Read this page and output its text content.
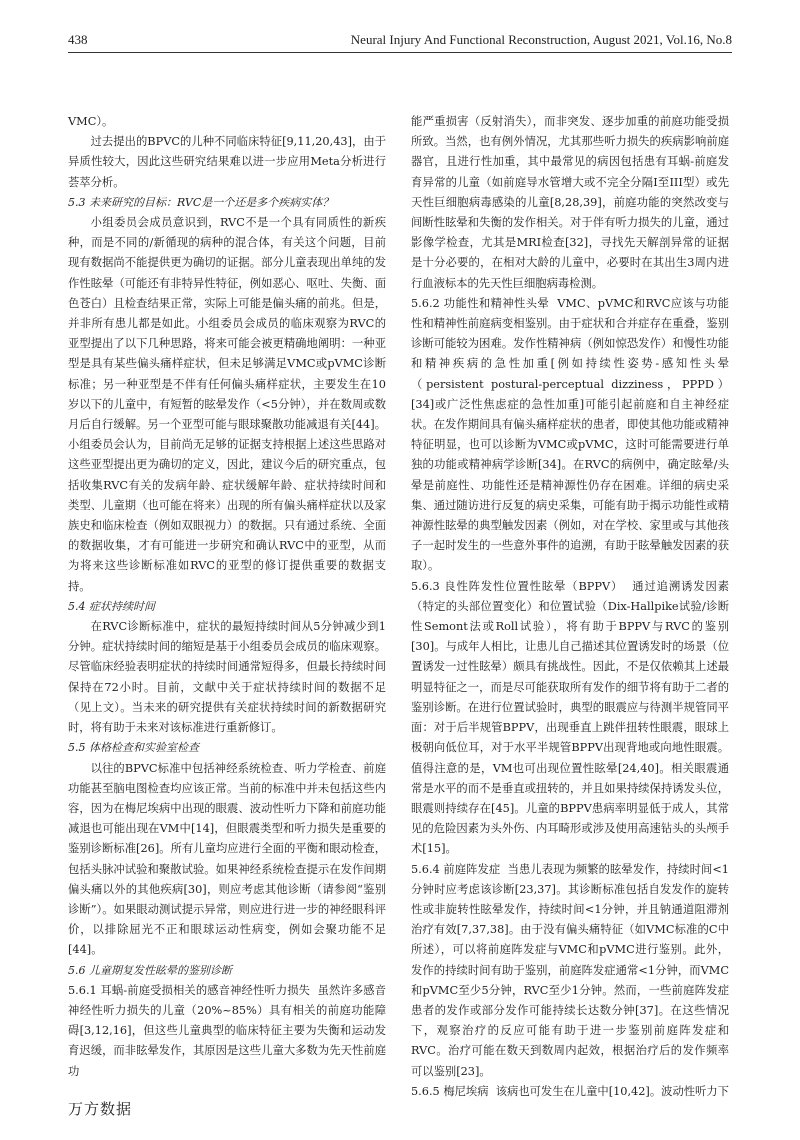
438	Neural Injury And Functional Reconstruction, August 2021, Vol.16, No.8

VMC）。

过去提出的BPVC的儿种不同临床特征[9,11,20,43]，由于异质性较大，因此这些研究结果难以进一步应用Meta分析进行荟萃分析。

5.3 未来研究的目标：RVC是一个还是多个疾病实体？

小组委员会成员意识到，RVC不是一个具有同质性的新疾种，而是不同的/新循现的病种的混合体，有关这个问题，目前现有数据尚不能提供更为确切的证据。部分儿童表现出单纯的发作性眩晕（可能还有非特异性特征，例如恶心、呕吐、失衡、面色苍白）且检查结果正常，实际上可能是偏头痛的前兆。但是，并非所有患儿都是如此。小组委员会成员的临床观察为RVC的亚型提出了以下几种思路，将来可能会被更精确地阐明：一种亚型是具有某些偏头痛样症状，但未足够满足VMC或pVMC诊断标准；另一种亚型是不伴有任何偏头痛样症状，主要发生在10岁以下的儿童中，有短暂的眩晕发作（<5分钟），并在数周或数月后自行缓解。另一个亚型可能与眼球聚散功能减退有关[44]。小组委员会认为，目前尚无足够的证据支持根据上述这些思路对这些亚型提出更为确切的定义，因此，建议今后的研究重点，包括收集RVC有关的发病年龄、症状缓解年龄、症状持续时间和类型、儿童期（也可能在将来）出现的所有偏头痛样症状以及家族史和临床检查（例如双眼视力）的数据。只有通过系统、全面的数据收集，才有可能进一步研究和确认RVC中的亚型，从而为将来这些诊断标准如RVC的亚型的修订提供重要的数据支持。

5.4 症状持续时间

在RVC诊断标准中，症状的最短持续时间从5分钟减少到1分钟。症状持续时间的缩短是基于小组委员会成员的临床观察。尽管临床经验表明症状的持续时间通常短得多，但最长持续时间保持在72小时。目前，文献中关于症状持续时间的数据不足（见上文）。当未来的研究提供有关症状持续时间的新数据研究时，将有助于未来对该标准进行重新修订。

5.5 体格检查和实验室检查

以往的BPVC标准中包括神经系统检查、听力学检查、前庭功能甚至脑电图检查均应该正常。当前的标准中并未包括这些内容，因为在梅尼埃病中出现的眼震、波动性听力下降和前庭功能减退也可能出现在VM中[14]，但眼震类型和听力损失是重要的鉴别诊断标准[26]。所有儿童均应进行全面的平衡和眼动检查，包括头脉冲试验和聚散试验。如果神经系统检查提示在发作间期偏头痛以外的其他疾病[30]，则应考虑其他诊断（请参阅“鉴别诊断”）。如果眼动测试提示异常，则应进行进一步的神经眼科评价，以排除屈光不正和眼球运动性病变，例如会聚功能不足[44]。

5.6 儿童期复发性眩晕的鉴别诊断

5.6.1 耳蜗-前庭受损相关的感音神经性听力损失 虽然许多感音神经性听力损失的儿童（20%~85%）具有相关的前庭功能障碍[3,12,16]，但这些儿童典型的临床特征主要为失衡和运动发育迟缓，而非眩晕发作，其原因是这些儿童大多数为先天性前庭功

能严重损害（反射消失），而非突发、逐步加重的前庭功能受损所致。当然，也有例外情况，尤其那些听力损失的疾病影响前庭器官，且进行性加重，其中最常见的病因包括患有耳蜗-前庭发育异常的儿童（如前庭导水管增大或不完全分隔I至III型）或先天性巨细胞病毒感染的儿童[8,28,39]，前庭功能的突然改变与间断性眩晕和失衡的发作相关。对于伴有听力损失的儿童，通过影像学检查，尤其是MRI检查[32]，寻找先天解剖异常的证据是十分必要的，在相对大龄的儿童中，必要时在其出生3周内进行血液标本的先天性巨细胞病毒检测。

5.6.2 功能性和精神性头晕 VMC、pVMC和RVC应该与功能性和精神性前庭病变相鉴别。由于症状和合并症存在重叠，鉴别诊断可能较为困难。发作性精神病（例如惊恐发作）和慢性功能和精神疾病的急性加重[例如持续性姿势-感知性头晕（persistent postural-perceptual dizziness，PPPD）[34]或广泛性焦虑症的急性加重]可能引起前庭和自主神经症状。在发作期间具有偏头痛样症状的患者，即使其他功能或精神特征明显，也可以诊断为VMC或pVMC，这时可能需要进行单独的功能或精神病学诊断[34]。在RVC的病例中，确定眩晕/头晕是前庭性、功能性还是精神源性仍存在困难。详细的病史采集、通过随访进行反复的病史采集，可能有助于揭示功能性或精神源性眩晕的典型触发因素（例如，对在学校、家里或与其他孩子一起时发生的一些意外事件的追溯，有助于眩晕触发因素的获取）。

5.6.3 良性阵发性位置性眩晕（BPPV） 通过追溯诱发因素（特定的头部位置变化）和位置试验（Dix-Hallpike试验/诊断性Semont法或Roll试验），将有助于BPPV与RVC的鉴别[30]。与成年人相比，让患儿自己描述其位置诱发时的场景（位置诱发一过性眩晕）颇具有挑战性。因此，不是仅依赖其上述最明显特征之一，而是尽可能获取所有发作的细节将有助于二者的鉴别诊断。在进行位置试验时，典型的眼震应与待测半规管同平面：对于后半规管BPPV，出现垂直上跳伴扭转性眼震，眼球上极朝向低位耳，对于水平半规管BPPV出现背地或向地性眼震。值得注意的是，VM也可出现位置性眩晕[24,40]。相关眼震通常是水平的而不是垂直或扭转的，并且如果持续保持诱发头位，眼震则持续存在[45]。儿童的BPPV患病率明显低于成人，其常见的危险因素为头外伤、内耳畸形或涉及使用高速钻头的头颅手术[15]。

5.6.4 前庭阵发症 当患儿表现为频繁的眩晕发作，持续时间<1分钟时应考虑该诊断[23,37]。其诊断标准包括自发发作的旋转性或非旋转性眩晕发作，持续时间<1分钟，并且钠通道阻滞剂治疗有效[7,37,38]。由于没有偏头痛特征（如VMC标准的C中所述），可以将前庭阵发症与VMC和pVMC进行鉴别。此外，发作的持续时间有助于鉴别，前庭阵发症通常<1分钟，而VMC和pVMC至少5分钟，RVC至少1分钟。然而，一些前庭阵发症患者的发作或部分发作可能持续长达数分钟[37]。在这些情况下，观察治疗的反应可能有助于进一步鉴别前庭阵发症和RVC。治疗可能在数天到数周内起效，根据治疗后的发作频率可以鉴别[23]。

5.6.5 梅尼埃病 该病也可发生在儿童中[10,42]。波动性听力下

万方数据
